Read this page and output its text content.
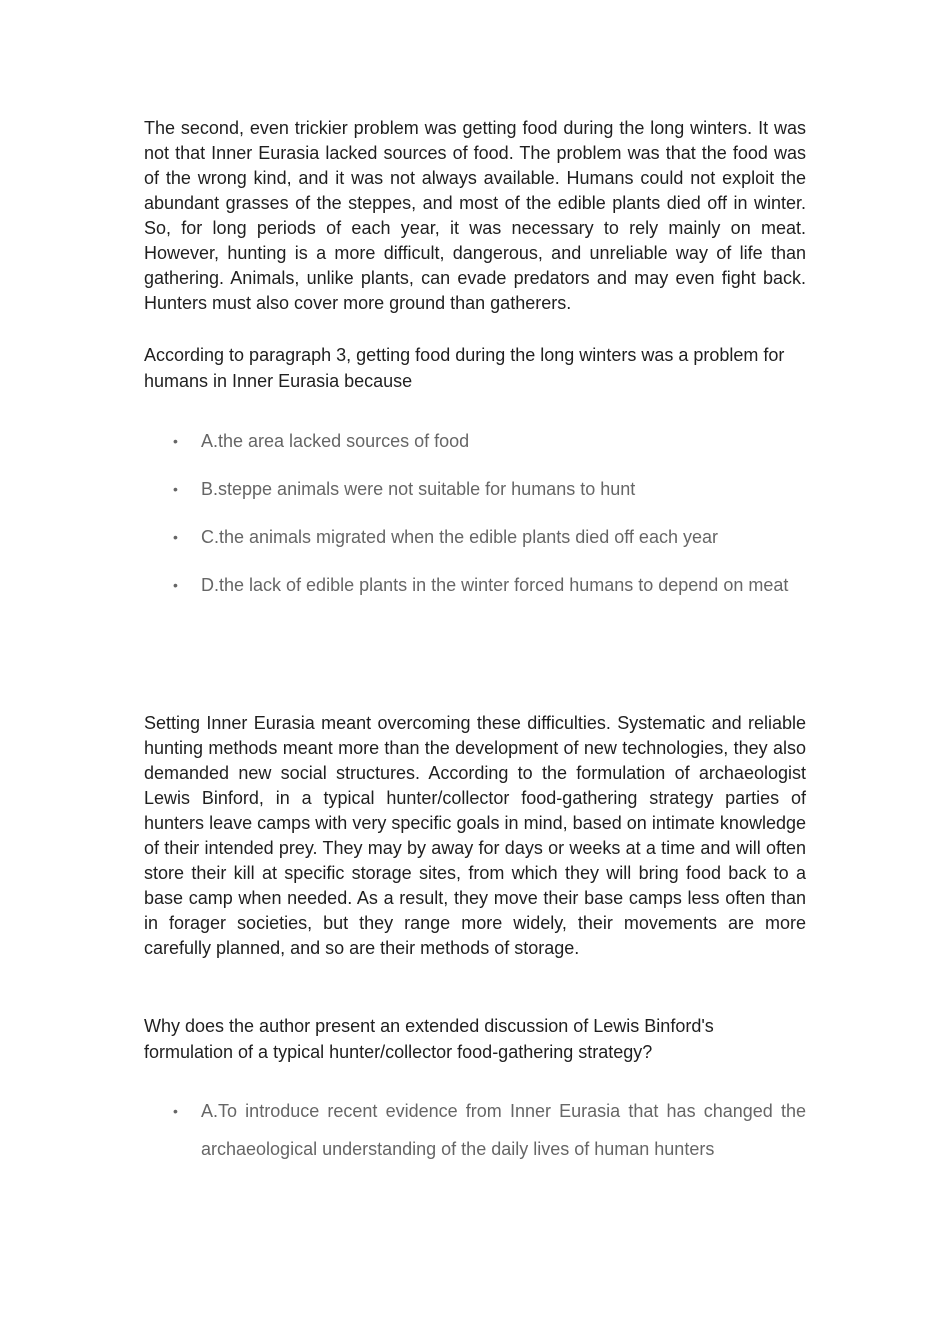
The second, even trickier problem was getting food during the long winters. It was not that Inner Eurasia lacked sources of food. The problem was that the food was of the wrong kind, and it was not always available. Humans could not exploit the abundant grasses of the steppes, and most of the edible plants died off in winter. So, for long periods of each year, it was necessary to rely mainly on meat. However, hunting is a more difficult, dangerous, and unreliable way of life than gathering. Animals, unlike plants, can evade predators and may even fight back. Hunters must also cover more ground than gatherers.

According to paragraph 3, getting food during the long winters was a problem for humans in Inner Eurasia because

• A.the area lacked sources of food
• B.steppe animals were not suitable for humans to hunt
• C.the animals migrated when the edible plants died off each year
• D.the lack of edible plants in the winter forced humans to depend on meat

Setting Inner Eurasia meant overcoming these difficulties. Systematic and reliable hunting methods meant more than the development of new technologies, they also demanded new social structures. According to the formulation of archaeologist Lewis Binford, in a typical hunter/collector food-gathering strategy parties of hunters leave camps with very specific goals in mind, based on intimate knowledge of their intended prey. They may by away for days or weeks at a time and will often store their kill at specific storage sites, from which they will bring food back to a base camp when needed. As a result, they move their base camps less often than in forager societies, but they range more widely, their movements are more carefully planned, and so are their methods of storage.

Why does the author present an extended discussion of Lewis Binford's formulation of a typical hunter/collector food-gathering strategy?

• A.To introduce recent evidence from Inner Eurasia that has changed the archaeological understanding of the daily lives of human hunters
